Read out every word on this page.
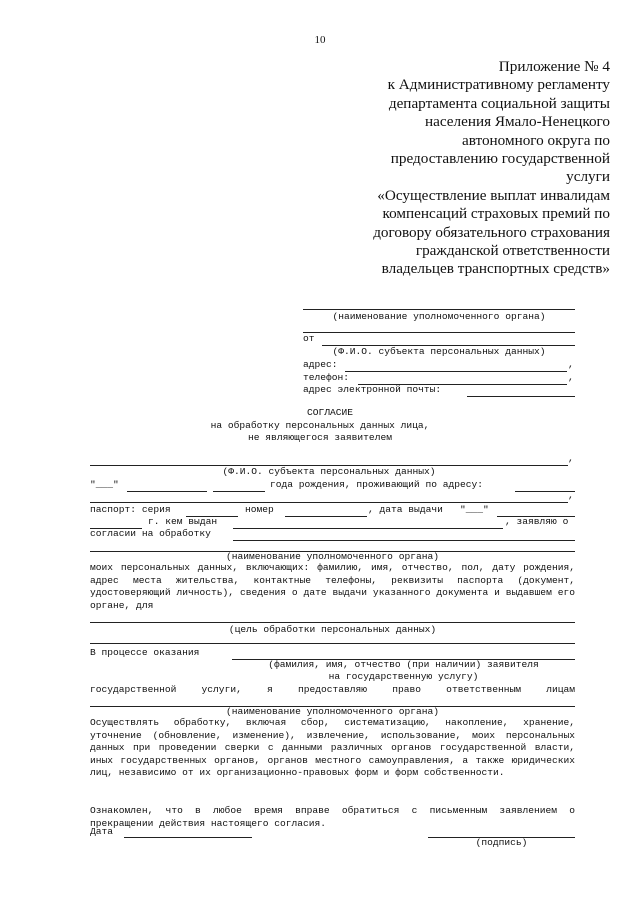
10
Приложение № 4
к Административному регламенту
департамента социальной защиты
населения Ямало-Ненецкого
автономного округа по
предоставлению государственной
услуги
«Осуществление выплат инвалидам
компенсаций страховых премий по
договору обязательного страхования
гражданской ответственности
владельцев транспортных средств»
(наименование уполномоченного органа)
от
(Ф.И.О. субъекта персональных данных)
адрес:	,
телефон:	,
адрес электронной почты:
СОГЛАСИЕ
на обработку персональных данных лица,
не являющегося заявителем
,
(Ф.И.О. субъекта персональных данных)
"___"	года рождения, проживающий по адресу:
,
паспорт: серия	номер	, дата выдачи "___"
г. кем выдан	, заявляю о
согласии на обработку
(наименование уполномоченного органа)
моих персональных данных, включающих: фамилию, имя, отчество, пол, дату рождения, адрес места жительства, контактные телефоны, реквизиты паспорта (документ, удостоверяющий личность), сведения о дате выдачи указанного документа и выдавшем его органе, для
(цель обработки персональных данных)
В процессе оказания
(фамилия, имя, отчество (при наличии) заявителя
на государственную услугу)
государственной услуги, я предоставляю право ответственным лицам
(наименование уполномоченного органа)
Осуществлять обработку, включая сбор, систематизацию, накопление, хранение, уточнение (обновление, изменение), извлечение, использование, моих персональных данных при проведении сверки с данными различных органов государственной власти, иных государственных органов, органов местного самоуправления, а также юридических лиц, независимо от их организационно-правовых форм и форм собственности.
Ознакомлен, что в любое время вправе обратиться с письменным заявлением о прекращении действия настоящего согласия.
Дата
(подпись)
